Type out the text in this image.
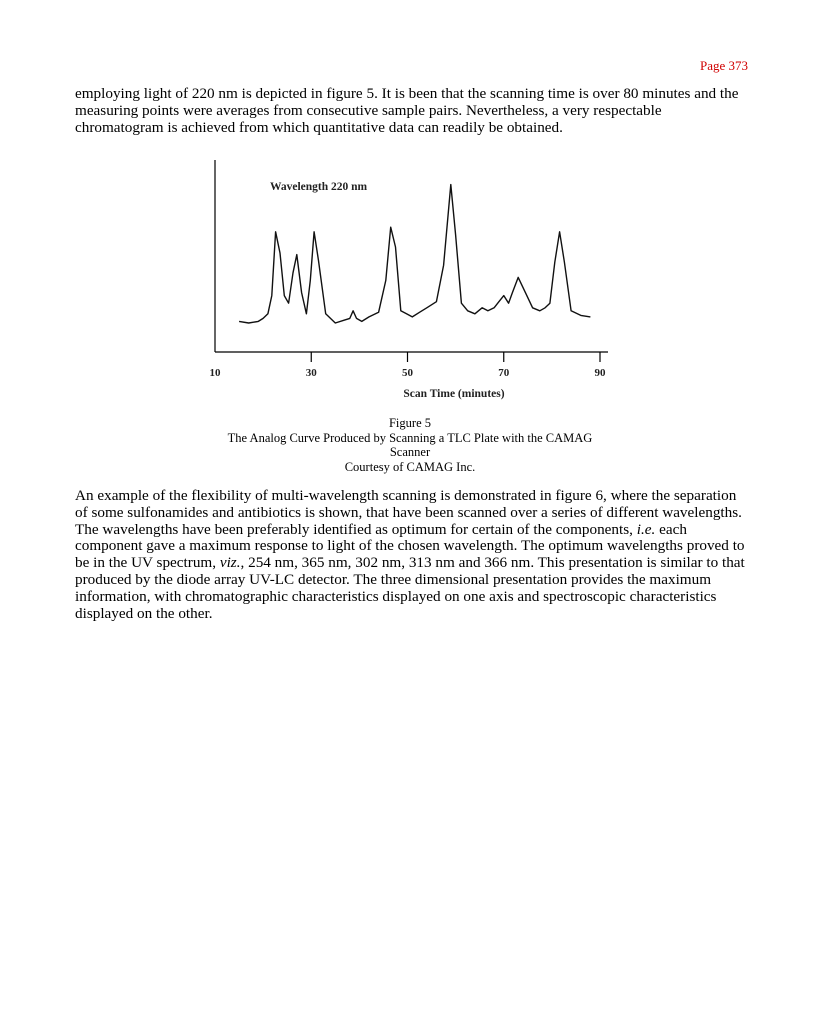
Page 373

employing light of 220 nm is depicted in figure 5. It is been that the scanning time is over 80 minutes and the measuring points were averages from consecutive sample pairs. Nevertheless, a very respectable chromatogram is achieved from which quantitative data can readily be obtained.

Wavelength 220 nm
10	30	50	70	90
Scan Time (minutes)
Figure 5
The Analog Curve Produced by Scanning a TLC Plate with the CAMAG
Scanner
Courtesy of CAMAG Inc.

An example of the flexibility of multi-wavelength scanning is demonstrated in figure 6, where the separation of some sulfonamides and antibiotics is shown, that have been scanned over a series of different wavelengths. The wavelengths have been preferably identified as optimum for certain of the components, i.e. each component gave a maximum response to light of the chosen wavelength. The optimum wavelengths proved to be in the UV spectrum, viz., 254 nm, 365 nm, 302 nm, 313 nm and 366 nm. This presentation is similar to that produced by the diode array UV-LC detector. The three dimensional presentation provides the maximum information, with chromatographic characteristics displayed on one axis and spectroscopic characteristics displayed on the other.
